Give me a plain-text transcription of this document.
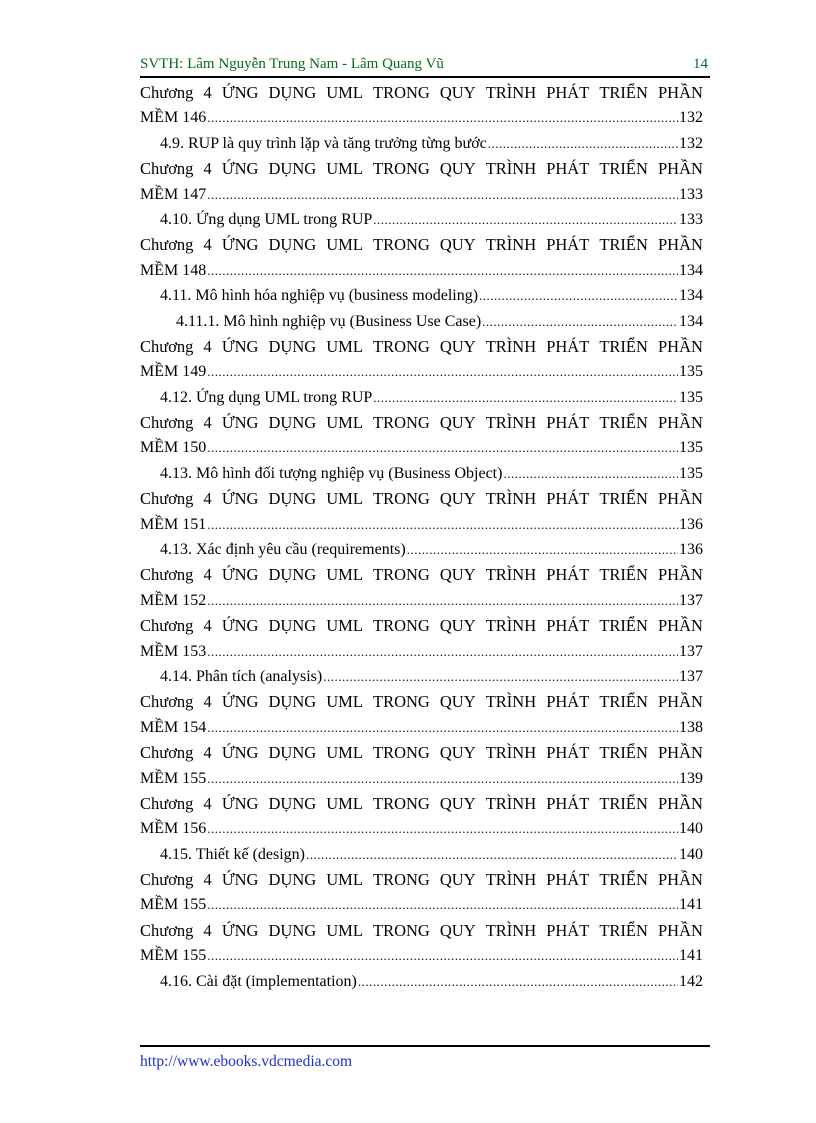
SVTH: Lâm Nguyễn Trung Nam - Lâm Quang Vũ	14
Chương 4 ỨNG DỤNG UML TRONG QUY TRÌNH PHÁT TRIỂN PHẦN
MỀM 146 .....	132
4.9. RUP là quy trình lặp và tăng trưởng từng bước .....	132
Chương 4 ỨNG DỤNG UML TRONG QUY TRÌNH PHÁT TRIỂN PHẦN
MỀM 147 .....	133
4.10. Ứng dụng UML trong RUP .....	133
Chương 4 ỨNG DỤNG UML TRONG QUY TRÌNH PHÁT TRIỂN PHẦN
MỀM 148 .....	134
4.11. Mô hình hóa nghiệp vụ (business modeling) .....	134
4.11.1. Mô hình nghiệp vụ (Business Use Case) .....	134
Chương 4 ỨNG DỤNG UML TRONG QUY TRÌNH PHÁT TRIỂN PHẦN
MỀM 149 .....	135
4.12. Ứng dụng UML trong RUP .....	135
Chương 4 ỨNG DỤNG UML TRONG QUY TRÌNH PHÁT TRIỂN PHẦN
MỀM 150 .....	135
4.13. Mô hình đối tượng nghiệp vụ (Business Object) .....	135
Chương 4 ỨNG DỤNG UML TRONG QUY TRÌNH PHÁT TRIỂN PHẦN
MỀM 151 .....	136
4.13. Xác định yêu cầu (requirements) .....	136
Chương 4 ỨNG DỤNG UML TRONG QUY TRÌNH PHÁT TRIỂN PHẦN
MỀM 152 .....	137
Chương 4 ỨNG DỤNG UML TRONG QUY TRÌNH PHÁT TRIỂN PHẦN
MỀM 153 .....	137
4.14. Phân tích (analysis) .....	137
Chương 4 ỨNG DỤNG UML TRONG QUY TRÌNH PHÁT TRIỂN PHẦN
MỀM 154 .....	138
Chương 4 ỨNG DỤNG UML TRONG QUY TRÌNH PHÁT TRIỂN PHẦN
MỀM 155 .....	139
Chương 4 ỨNG DỤNG UML TRONG QUY TRÌNH PHÁT TRIỂN PHẦN
MỀM 156 .....	140
4.15. Thiết kế (design) .....	140
Chương 4 ỨNG DỤNG UML TRONG QUY TRÌNH PHÁT TRIỂN PHẦN
MỀM 155 .....	141
Chương 4 ỨNG DỤNG UML TRONG QUY TRÌNH PHÁT TRIỂN PHẦN
MỀM 155 .....	141
4.16. Cài đặt (implementation) .....	142
http://www.ebooks.vdcmedia.com
